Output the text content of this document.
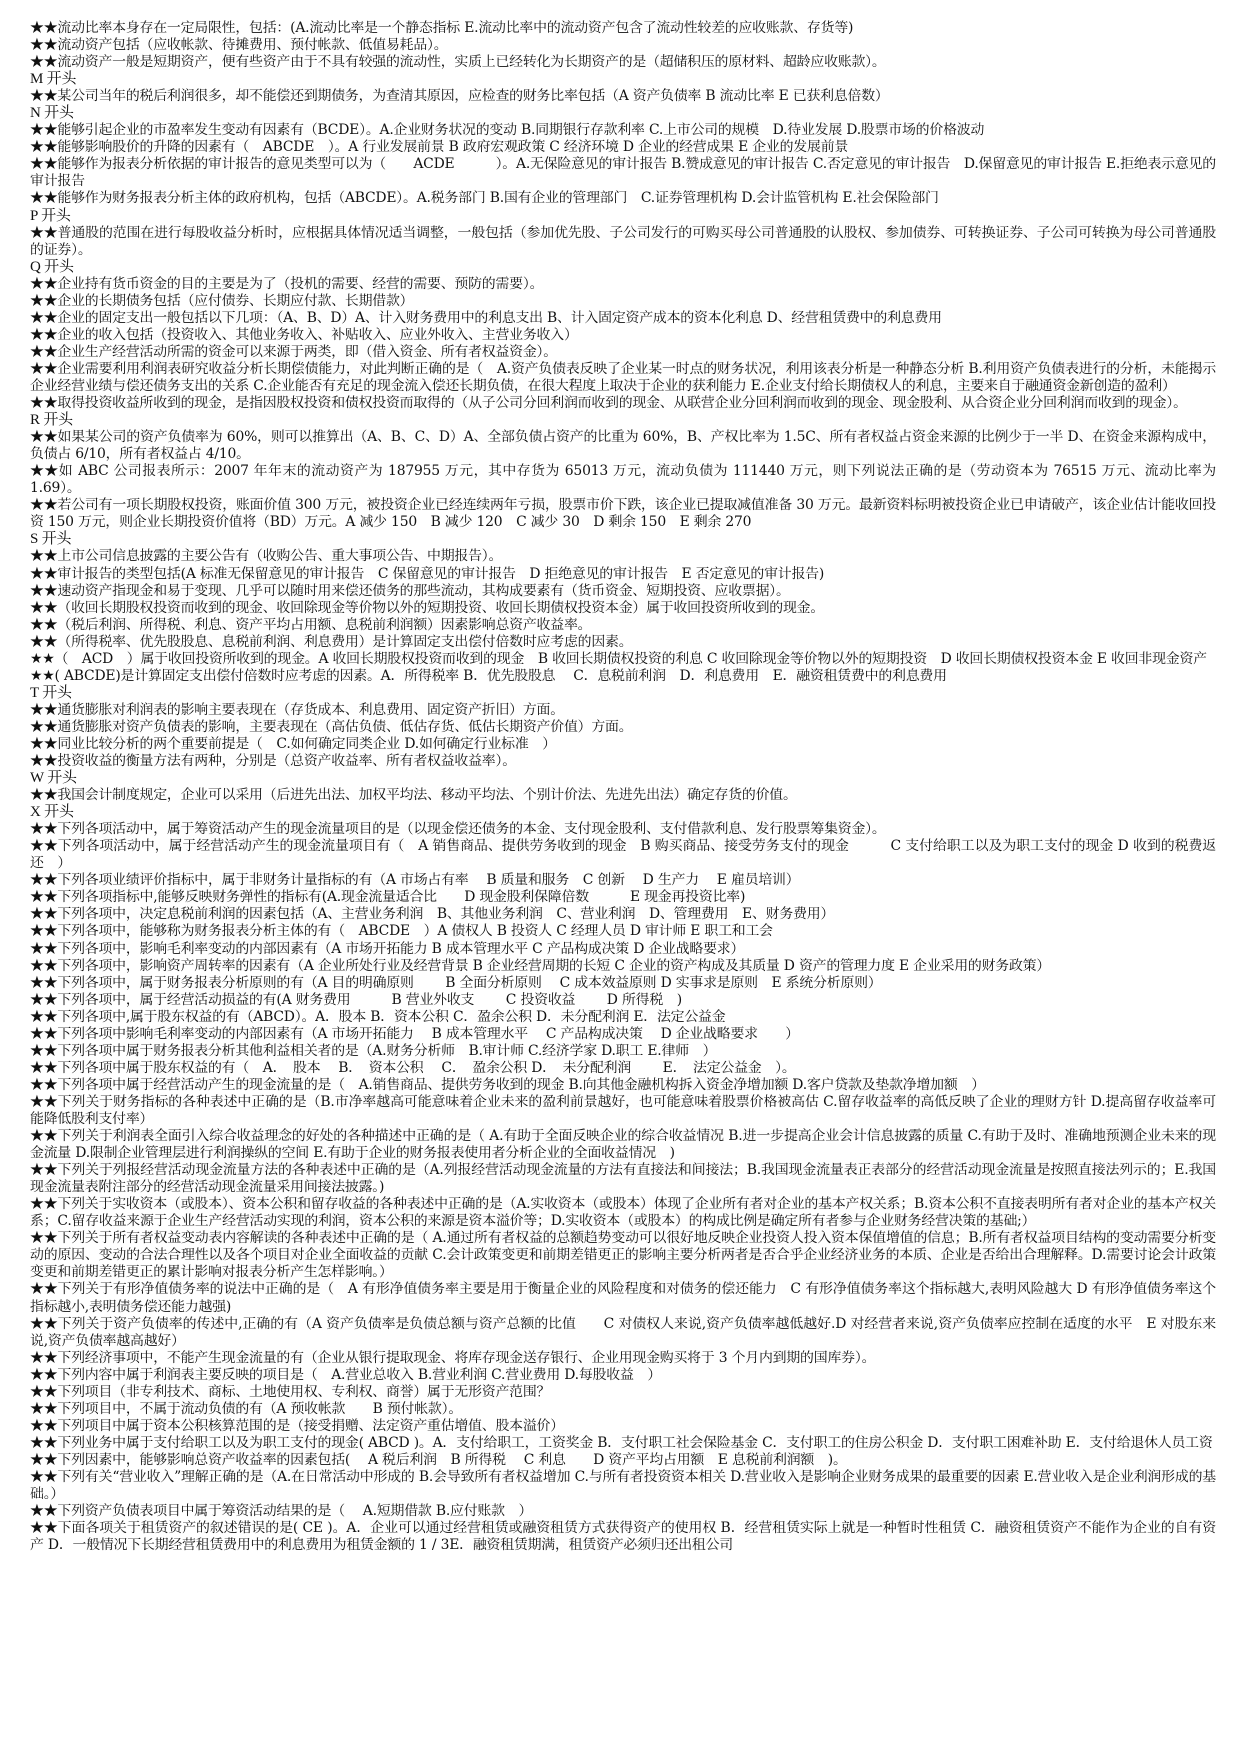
★★流动比率本身存在一定局限性，包括：(A.流动比率是一个静态指标 E.流动比率中的流动资产包含了流动性较差的应收账款、存货等)
★★流动资产包括（应收帐款、待摊费用、预付帐款、低值易耗品）。
★★流动资产一般是短期资产，便有些资产由于不具有较强的流动性，实质上已经转化为长期资产的是（超储积压的原材料、超龄应收账款）。
M 开头
★★某公司当年的税后利润很多，却不能偿还到期债务，为查清其原因，应检查的财务比率包括（A 资产负债率 B 流动比率 E 已获利息倍数）
N 开头
★★能够引起企业的市盈率发生变动有因素有（BCDE）。A.企业财务状况的变动 B.同期银行存款利率 C.上市公司的规模　D.待业发展 D.股票市场的价格波动
★★能够影响股价的升降的因素有（　ABCDE　）。A 行业发展前景 B 政府宏观政策 C 经济环境 D 企业的经营成果 E 企业的发展前景
★★能够作为报表分析依据的审计报告的意见类型可以为（　　ACDE　　　）。A.无保险意见的审计报告 B.赞成意见的审计报告 C.否定意见的审计报告　D.保留意见的审计报告 E.拒绝表示意见的审计报告
★★能够作为财务报表分析主体的政府机构，包括（ABCDE）。A.税务部门 B.国有企业的管理部门　C.证券管理机构 D.会计监管机构 E.社会保险部门
P 开头
★★普通股的范围在进行每股收益分析时，应根据具体情况适当调整，一般包括（参加优先股、子公司发行的可购买母公司普通股的认股权、参加债券、可转换证券、子公司可转换为母公司普通股的证券）。
Q 开头
★★企业持有货币资金的目的主要是为了（投机的需要、经营的需要、预防的需要）。
★★企业的长期债务包括（应付债券、长期应付款、长期借款）
★★企业的固定支出一般包括以下几项：（A、B、D）A、计入财务费用中的利息支出 B、计入固定资产成本的资本化利息 D、经营租赁费中的利息费用
★★企业的收入包括（投资收入、其他业务收入、补贴收入、应业外收入、主营业务收入）
★★企业生产经营活动所需的资金可以来源于两类，即（借入资金、所有者权益资金）。
★★企业需要利用利润表研究收益分析长期偿债能力，对此判断正确的是（　A.资产负债表反映了企业某一时点的财务状况，利用该表分析是一种静态分析 B.利用资产负债表进行的分析，未能揭示企业经营业绩与偿还债务支出的关系 C.企业能否有充足的现金流入偿还长期负债，在很大程度上取决于企业的获利能力 E.企业支付给长期债权人的利息，主要来自于融通资金新创造的盈利）
★★取得投资收益所收到的现金，是指因股权投资和债权投资而取得的（从子公司分回利润而收到的现金、从联营企业分回利润而收到的现金、现金股利、从合资企业分回利润而收到的现金）。
R 开头
★★如果某公司的资产负债率为 60%，则可以推算出（A、B、C、D）A、全部负债占资产的比重为 60%，B、产权比率为 1.5C、所有者权益占资金来源的比例少于一半 D、在资金来源构成中，负债占 6/10，所有者权益占 4/10。
★★如 ABC 公司报表所示：2007 年年末的流动资产为 187955 万元，其中存货为 65013 万元，流动负债为 111440 万元，则下列说法正确的是（劳动资本为 76515 万元、流动比率为 1.69）。
★★若公司有一项长期股权投资，账面价值 300 万元，被投资企业已经连续两年亏损，股票市价下跌，该企业已提取减值准备 30 万元。最新资料标明被投资企业已申请破产，该企业估计能收回投资 150 万元，则企业长期投资价值将（BD）万元。A 减少 150　B 减少 120　C 减少 30　D 剩余 150　E 剩余 270
S 开头
★★上市公司信息披露的主要公告有（收购公告、重大事项公告、中期报告）。
★★审计报告的类型包括(A 标准无保留意见的审计报告　C 保留意见的审计报告　D 拒绝意见的审计报告　E 否定意见的审计报告)
★★速动资产指现金和易于变现、几乎可以随时用来偿还债务的那些流动，其构成要素有（货币资金、短期投资、应收票据）。
★★（收回长期股权投资而收到的现金、收回除现金等价物以外的短期投资、收回长期债权投资本金）属于收回投资所收到的现金。
★★（税后利润、所得税、利息、资产平均占用额、息税前利润额）因素影响总资产收益率。
★★（所得税率、优先股股息、息税前利润、利息费用）是计算固定支出偿付倍数时应考虑的因素。
★★（　ACD　）属于收回投资所收到的现金。A 收回长期股权投资而收到的现金　B 收回长期债权投资的利息 C 收回除现金等价物以外的短期投资　D 收回长期债权投资本金 E 收回非现金资产
★★( ABCDE)是计算固定支出偿付倍数时应考虑的因素。A．所得税率 B．优先股股息　 C．息税前利润　D．利息费用　E．融资租赁费中的利息费用
T 开头
★★通货膨胀对利润表的影响主要表现在（存货成本、利息费用、固定资产折旧）方面。
★★通货膨胀对资产负债表的影响，主要表现在（高估负债、低估存货、低估长期资产价值）方面。
★★同业比较分析的两个重要前提是（　C.如何确定同类企业 D.如何确定行业标准　）
★★投资收益的衡量方法有两种，分别是（总资产收益率、所有者权益收益率）。
W 开头
★★我国会计制度规定，企业可以采用（后进先出法、加权平均法、移动平均法、个别计价法、先进先出法）确定存货的价值。
X 开头
★★下列各项活动中，属于筹资活动产生的现金流量项目的是（以现金偿还债务的本金、支付现金股利、支付借款利息、发行股票筹集资金）。
★★下列各项活动中，属于经营活动产生的现金流量项目有（　A 销售商品、提供劳务收到的现金　B 购买商品、接受劳务支付的现金　　　C 支付给职工以及为职工支付的现金 D 收到的税费返还　）
★★下列各项业绩评价指标中，属于非财务计量指标的有（A 市场占有率　 B 质量和服务　C 创新　 D 生产力　 E 雇员培训）
★★下列各项指标中,能够反映财务弹性的指标有(A.现金流量适合比　　D 现金股利保障倍数　　　E 现金再投资比率)
★★下列各项中，决定息税前利润的因素包括（A、主营业务利润　B、其他业务利润　C、营业利润　D、管理费用　E、财务费用）
★★下列各项中，能够称为财务报表分析主体的有（　ABCDE　）A 债权人 B 投资人 C 经理人员 D 审计师 E 职工和工会
★★下列各项中，影响毛利率变动的内部因素有（A 市场开拓能力 B 成本管理水平 C 产品构成决策 D 企业战略要求）
★★下列各项中，影响资产周转率的因素有（A 企业所处行业及经营背景 B 企业经营周期的长短 C 企业的资产构成及其质量 D 资产的管理力度 E 企业采用的财务政策）
★★下列各项中，属于财务报表分析原则的有（A 目的明确原则　　 B 全面分析原则　 C 成本效益原则 D 实事求是原则　E 系统分析原则）
★★下列各项中，属于经营活动损益的有(A 财务费用　　　B 营业外收支　　 C 投资收益　　 D 所得税　)
★★下列各项中,属于股东权益的有（ABCD）。A．股本 B．资本公积 C．盈余公积 D．未分配利润 E．法定公益金
★★下列各项中影响毛利率变动的内部因素有（A 市场开拓能力　 B 成本管理水平　 C 产品构成决策　 D 企业战略要求　　）
★★下列各项中属于财务报表分析其他利益相关者的是（A.财务分析师　B.审计师 C.经济学家 D.职工 E.律师　）
★★下列各项中属于股东权益的有（　A．　股本　 B．　资本公积　 C．　盈余公积 D．　未分配利润　　 E．　法定公益金　）。
★★下列各项中属于经营活动产生的现金流量的是（　A.销售商品、提供劳务收到的现金 B.向其他金融机构拆入资金净增加额 D.客户贷款及垫款净增加额　）
★★下列关于财务指标的各种表述中正确的是（B.市净率越高可能意味着企业未来的盈利前景越好，也可能意味着股票价格被高估 C.留存收益率的高低反映了企业的理财方针 D.提高留存收益率可能降低股利支付率）
★★下列关于利润表全面引入综合收益理念的好处的各种描述中正确的是（ A.有助于全面反映企业的综合收益情况 B.进一步提高企业会计信息披露的质量 C.有助于及时、准确地预测企业未来的现金流量 D.限制企业管理层进行利润操纵的空间 E.有助于企业的财务报表使用者分析企业的全面收益情况　)
★★下列关于列报经营活动现金流量方法的各种表述中正确的是（A.列报经营活动现金流量的方法有直接法和间接法；B.我国现金流量表正表部分的经营活动现金流量是按照直接法列示的；E.我国现金流量表附注部分的经营活动现金流量采用间接法披露。)
★★下列关于实收资本（或股本）、资本公积和留存收益的各种表述中正确的是（A.实收资本（或股本）体现了企业所有者对企业的基本产权关系；B.资本公积不直接表明所有者对企业的基本产权关系；C.留存收益来源于企业生产经营活动实现的利润，资本公积的来源是资本溢价等；D.实收资本（或股本）的构成比例是确定所有者参与企业财务经营决策的基础;）
★★下列关于所有者权益变动表内容解读的各种表述中正确的是（ A.通过所有者权益的总额趋势变动可以很好地反映企业投资人投入资本保值增值的信息；B.所有者权益项目结构的变动需要分析变动的原因、变动的合法合理性以及各个项目对企业全面收益的贡献 C.会计政策变更和前期差错更正的影响主要分析两者是否合乎企业经济业务的本质、企业是否给出合理解释。D.需要讨论会计政策变更和前期差错更正的累计影响对报表分析产生怎样影响。）
★★下列关于有形净值债务率的说法中正确的是（　A 有形净值债务率主要是用于衡量企业的风险程度和对债务的偿还能力　C 有形净值债务率这个指标越大,表明风险越大 D 有形净值债务率这个指标越小,表明债务偿还能力越强)
★★下列关于资产负债率的传述中,正确的有（A 资产负债率是负债总额与资产总额的比值　　C 对债权人来说,资产负债率越低越好.D 对经营者来说,资产负债率应控制在适度的水平　E 对股东来说,资产负债率越高越好）
★★下列经济事项中，不能产生现金流量的有（企业从银行提取现金、将库存现金送存银行、企业用现金购买将于 3 个月内到期的国库券）。
★★下列内容中属于利润表主要反映的项目是（　A.营业总收入 B.营业利润 C.营业费用 D.每股收益　）
★★下列项目（非专利技术、商标、土地使用权、专利权、商誉）属于无形资产范围？
★★下列项目中，不属于流动负债的有（A 预收帐款　　B 预付帐款）。
★★下列项目中属于资本公积核算范围的是（接受捐赠、法定资产重估增值、股本溢价）
★★下列业务中属于支付给职工以及为职工支付的现金( ABCD )。A．支付给职工，工资奖金 B．支付职工社会保险基金 C．支付职工的住房公积金 D．支付职工困难补助 E．支付给退休人员工资
★★下列因素中，能够影响总资产收益率的因素包括(　 A 税后利润　B 所得税　 C 利息　　D 资产平均占用额　E 息税前利润额　)。
★★下列有关“营业收入”理解正确的是（A.在日常活动中形成的 B.会导致所有者权益增加 C.与所有者投资资本相关 D.营业收入是影响企业财务成果的最重要的因素 E.营业收入是企业利润形成的基础。）
★★下列资产负债表项目中属于筹资活动结果的是（　 A.短期借款 B.应付账款　）
★★下面各项关于租赁资产的叙述错误的是( CE )。A．企业可以通过经营租赁或融资租赁方式获得资产的使用权 B．经营租赁实际上就是一种暂时性租赁 C．融资租赁资产不能作为企业的自有资产 D．一般情况下长期经营租赁费用中的利息费用为租赁金额的 1 / 3E．融资租赁期满，租赁资产必须归还出租公司
